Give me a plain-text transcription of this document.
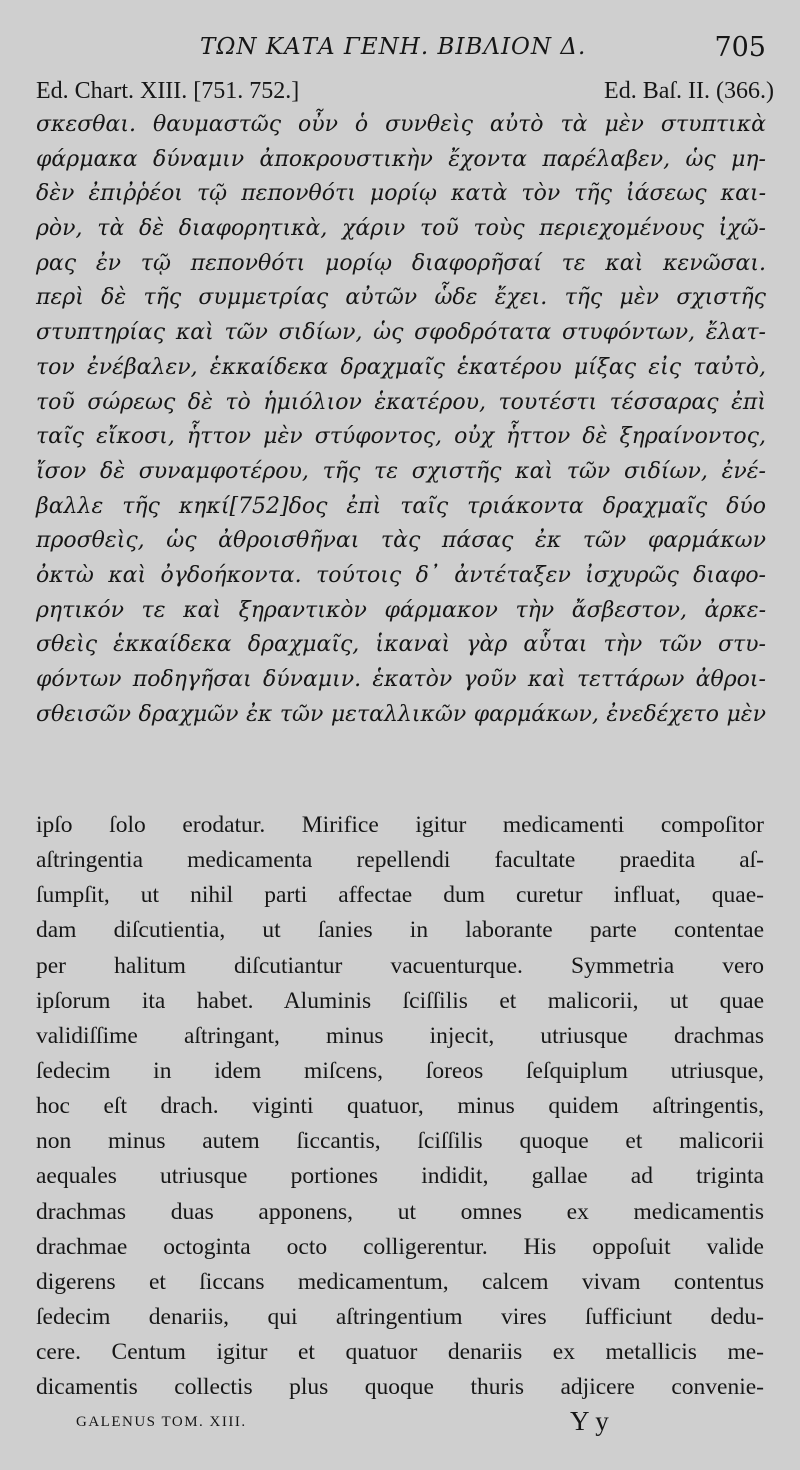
ΤΩΝ ΚΑΤΑ ΓΕΝΗ. ΒΙΒΛΙΟΝ Δ.	705
Ed. Chart. XIII. [751. 752.]	Ed. Baſ. II. (366.)
σκεσθαι. θαυμαστῶς οὖν ὁ συνθεὶς αὐτὸ τὰ μὲν στυπτικὰ
φάρμακα δύναμιν ἀποκρουστικὴν ἔχοντα παρέλαβεν, ὡς μη-
δὲν ἐπιῤῥέοι τῷ πεπονθότι μορίῳ κατὰ τὸν τῆς ἰάσεως και-
ρὸν, τὰ δὲ διαφορητικὰ, χάριν τοῦ τοὺς περιεχομένους ἰχῶ-
ρας ἐν τῷ πεπονθότι μορίῳ διαφορῆσαί τε καὶ κενῶσαι.
περὶ δὲ τῆς συμμετρίας αὐτῶν ὧδε ἔχει. τῆς μὲν σχιστῆς
στυπτηρίας καὶ τῶν σιδίων, ὡς σφοδρότατα στυφόντων, ἔλατ-
τον ἐνέβαλεν, ἑκκαίδεκα δραχμαῖς ἑκατέρου μίξας εἰς ταὐτὸ,
τοῦ σώρεως δὲ τὸ ἡμιόλιον ἑκατέρου, τουτέστι τέσσαρας ἐπὶ
ταῖς εἴκοσι, ἧττον μὲν στύφοντος, οὐχ ἧττον δὲ ξηραίνοντος,
ἴσον δὲ συναμφοτέρου, τῆς τε σχιστῆς καὶ τῶν σιδίων, ἐνέ-
βαλλε τῆς κηκί[752]δος ἐπὶ ταῖς τριάκοντα δραχμαῖς δύο
προσθεὶς, ὡς ἀθροισθῆναι τὰς πάσας ἐκ τῶν φαρμάκων
ὀκτὼ καὶ ὀγδοήκοντα. τούτοις δ᾽ ἀντέταξεν ἰσχυρῶς διαφο-
ρητικόν τε καὶ ξηραντικὸν φάρμακον τὴν ἄσβεστον, ἀρκε-
σθεὶς ἑκκαίδεκα δραχμαῖς, ἱκαναὶ γὰρ αὗται τὴν τῶν στυ-
φόντων ποδηγῆσαι δύναμιν. ἑκατὸν γοῦν καὶ τεττάρων ἀθροι-
σθεισῶν δραχμῶν ἐκ τῶν μεταλλικῶν φαρμάκων, ἐνεδέχετο μὲν
ipſo ſolo erodatur. Mirifice igitur medicamenti compoſitor
aſtringentia medicamenta repellendi facultate praedita aſ-
ſumpſit, ut nihil parti affectae dum curetur influat, quae-
dam diſcutientia, ut ſanies in laborante parte contentae
per halitum diſcutiantur vacuenturque. Symmetria vero
ipſorum ita habet. Aluminis ſciſſilis et malicorii, ut quae
validiſſime aſtringant, minus injecit, utriusque drachmas
ſedecim in idem miſcens, ſoreos ſeſquiplum utriusque,
hoc eſt drach. viginti quatuor, minus quidem aſtringentis,
non minus autem ſiccantis, ſciſſilis quoque et malicorii
aequales utriusque portiones indidit, gallae ad triginta
drachmas duas apponens, ut omnes ex medicamentis
drachmae octoginta octo colligerentur. His oppoſuit valide
digerens et ſiccans medicamentum, calcem vivam contentus
ſedecim denariis, qui aſtringentium vires ſufficiunt dedu-
cere. Centum igitur et quatuor denariis ex metallicis me-
dicamentis collectis plus quoque thuris adjicere convenie-
GALENUS TOM. XIII.	Y y
